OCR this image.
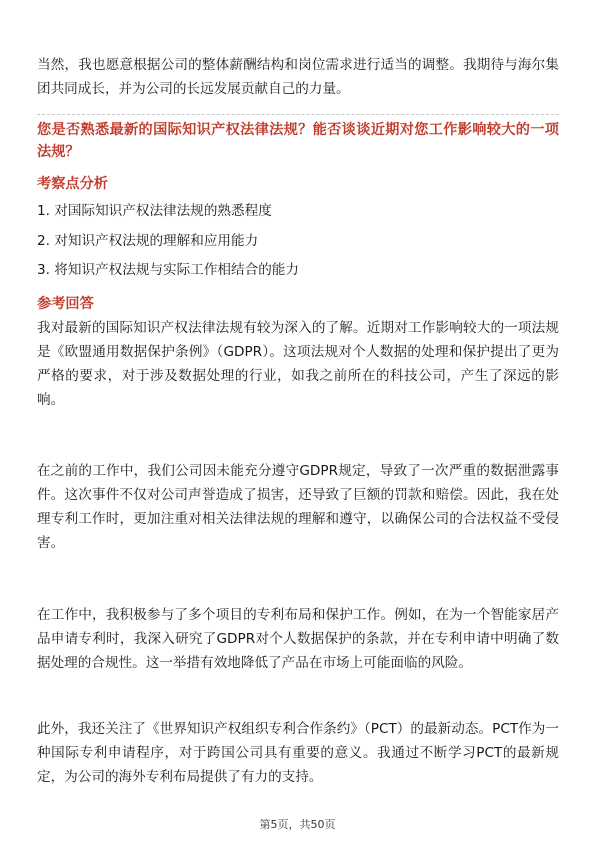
当然，我也愿意根据公司的整体薪酬结构和岗位需求进行适当的调整。我期待与海尔集团共同成长，并为公司的长远发展贡献自己的力量。

您是否熟悉最新的国际知识产权法律法规？能否谈谈近期对您工作影响较大的一项法规？

考察点分析

1. 对国际知识产权法律法规的熟悉程度

2. 对知识产权法规的理解和应用能力

3. 将知识产权法规与实际工作相结合的能力

参考回答

我对最新的国际知识产权法律法规有较为深入的了解。近期对工作影响较大的一项法规是《欧盟通用数据保护条例》（GDPR）。这项法规对个人数据的处理和保护提出了更为严格的要求，对于涉及数据处理的行业，如我之前所在的科技公司，产生了深远的影响。

在之前的工作中，我们公司因未能充分遵守GDPR规定，导致了一次严重的数据泄露事件。这次事件不仅对公司声誉造成了损害，还导致了巨额的罚款和赔偿。因此，我在处理专利工作时，更加注重对相关法律法规的理解和遵守，以确保公司的合法权益不受侵害。

在工作中，我积极参与了多个项目的专利布局和保护工作。例如，在为一个智能家居产品申请专利时，我深入研究了GDPR对个人数据保护的条款，并在专利申请中明确了数据处理的合规性。这一举措有效地降低了产品在市场上可能面临的风险。

此外，我还关注了《世界知识产权组织专利合作条约》（PCT）的最新动态。PCT作为一种国际专利申请程序，对于跨国公司具有重要的意义。我通过不断学习PCT的最新规定，为公司的海外专利布局提供了有力的支持。

第5页，共50页
